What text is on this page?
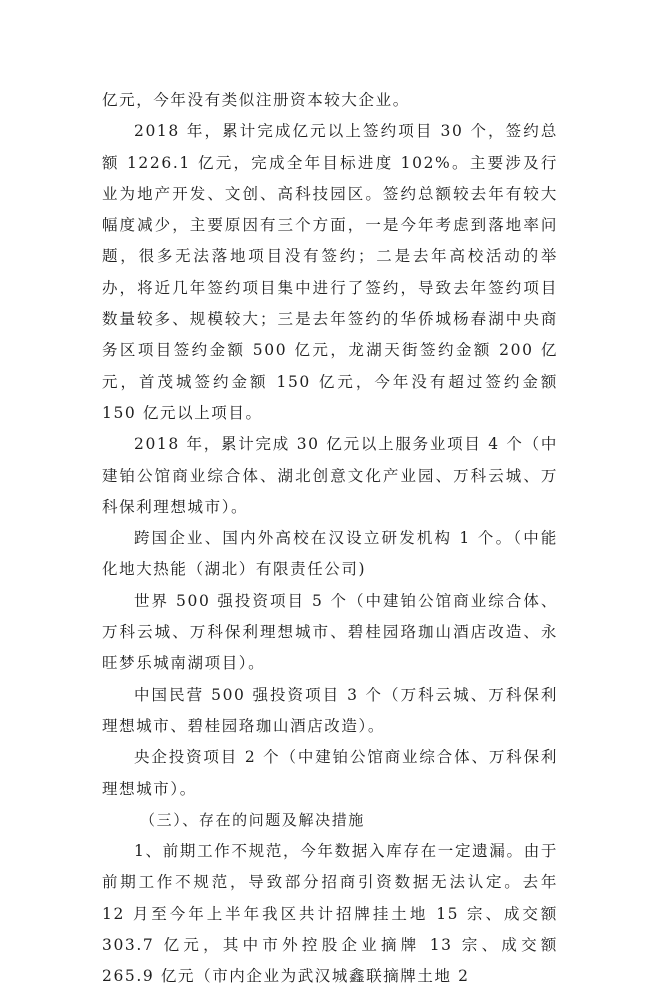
亿元，今年没有类似注册资本较大企业。

2018 年，累计完成亿元以上签约项目 30 个，签约总额 1226.1 亿元，完成全年目标进度 102%。主要涉及行业为地产开发、文创、高科技园区。签约总额较去年有较大幅度减少，主要原因有三个方面，一是今年考虑到落地率问题，很多无法落地项目没有签约；二是去年高校活动的举办，将近几年签约项目集中进行了签约，导致去年签约项目数量较多、规模较大；三是去年签约的华侨城杨春湖中央商务区项目签约金额 500 亿元，龙湖天街签约金额 200 亿元，首茂城签约金额 150 亿元，今年没有超过签约金额 150 亿元以上项目。

2018 年，累计完成 30 亿元以上服务业项目 4 个（中建铂公馆商业综合体、湖北创意文化产业园、万科云城、万科保利理想城市）。

跨国企业、国内外高校在汉设立研发机构 1 个。（中能化地大热能（湖北）有限责任公司)

世界 500 强投资项目 5 个（中建铂公馆商业综合体、万科云城、万科保利理想城市、碧桂园珞珈山酒店改造、永旺梦乐城南湖项目）。

中国民营 500 强投资项目 3 个（万科云城、万科保利理想城市、碧桂园珞珈山酒店改造）。

央企投资项目 2 个（中建铂公馆商业综合体、万科保利理想城市）。

（三）、存在的问题及解决措施

1、前期工作不规范，今年数据入库存在一定遗漏。由于前期工作不规范，导致部分招商引资数据无法认定。去年 12 月至今年上半年我区共计招牌挂土地 15 宗、成交额 303.7 亿元，其中市外控股企业摘牌 13 宗、成交额 265.9 亿元（市内企业为武汉城鑫联摘牌土地 2
